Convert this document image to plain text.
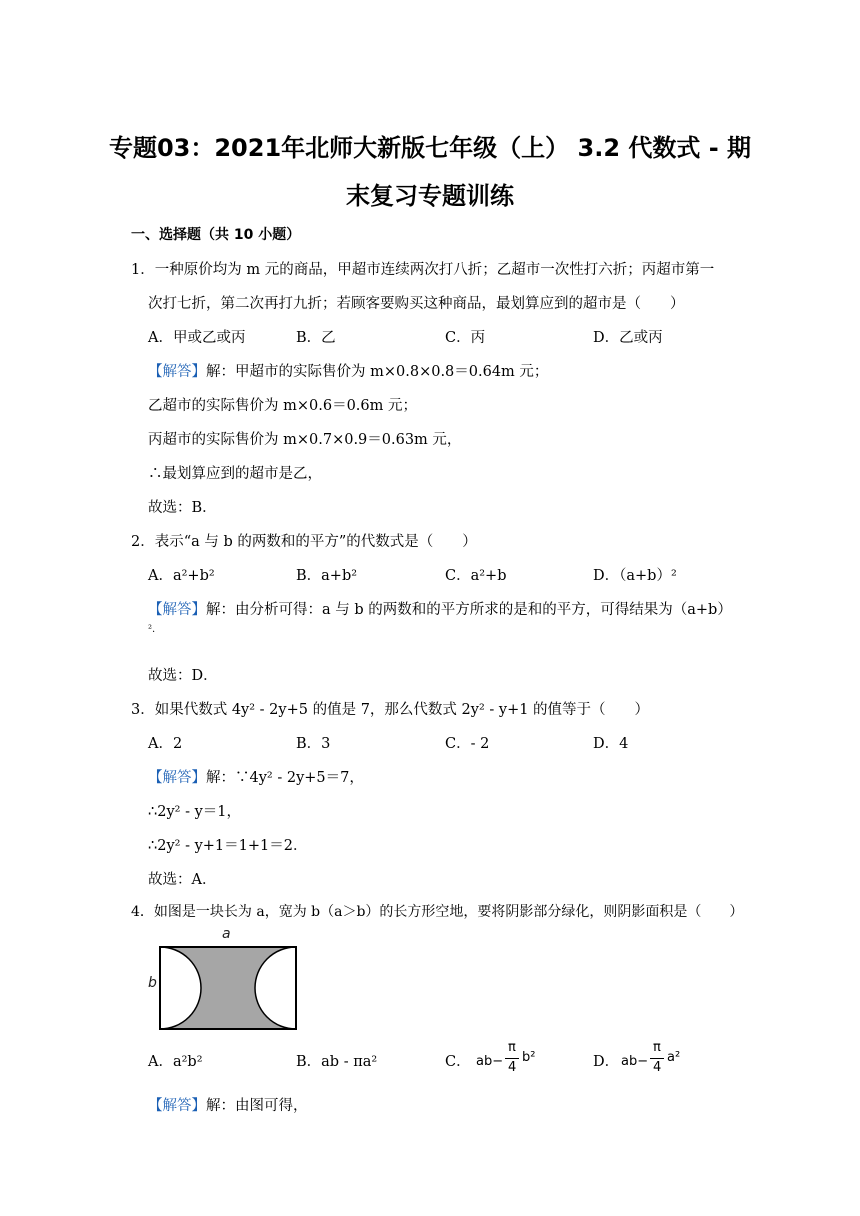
专题03：2021年北师大新版七年级（上） 3.2 代数式 - 期
末复习专题训练
一、选择题（共 10 小题）
1．一种原价均为 m 元的商品，甲超市连续两次打八折；乙超市一次性打六折；丙超市第一
次打七折，第二次再打九折；若顾客要购买这种商品，最划算应到的超市是（　　）
A．甲或乙或丙	B．乙	C．丙	D．乙或丙
【解答】解：甲超市的实际售价为 m×0.8×0.8＝0.64m 元；
乙超市的实际售价为 m×0.6＝0.6m 元；
丙超市的实际售价为 m×0.7×0.9＝0.63m 元，
∴最划算应到的超市是乙，
故选：B．
2．表示“a 与 b 的两数和的平方”的代数式是（　　）
A．a²+b²	B．a+b²	C．a²+b	D．（a+b）²
【解答】解：由分析可得：a 与 b 的两数和的平方所求的是和的平方，可得结果为（a+b）
².
故选：D．
3．如果代数式 4y² - 2y+5 的值是 7，那么代数式 2y² - y+1 的值等于（　　）
A．2	B．3	C．- 2	D．4
【解答】解：∵4y² - 2y+5＝7，
∴2y² - y＝1，
∴2y² - y+1＝1+1＝2．
故选：A．
4．如图是一块长为 a，宽为 b（a＞b）的长方形空地，要将阴影部分绿化，则阴影面积是（　　）
a
b
A．a²b²	B．ab - πa²	C． ab−
π
4
b²	D． ab−
π
4
a²
【解答】解：由图可得，
